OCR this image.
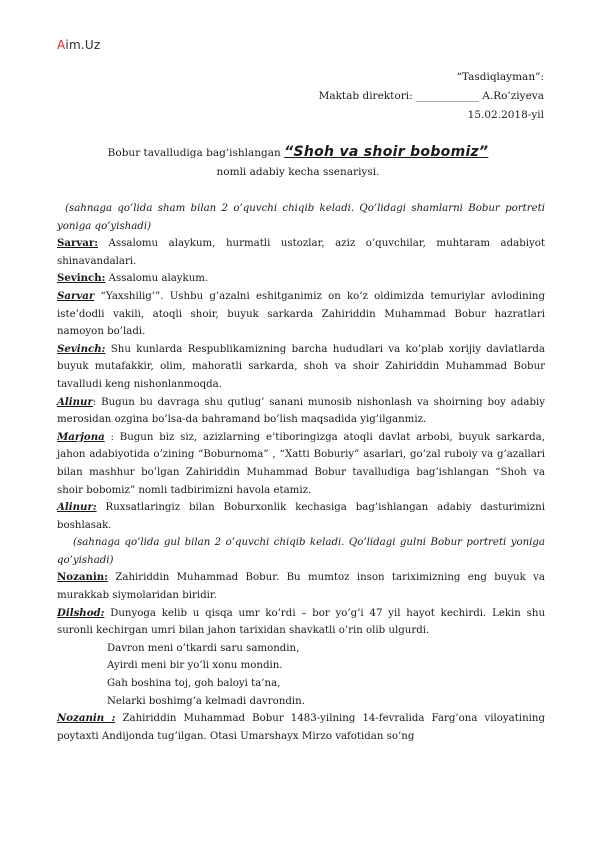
Aim.Uz
“Tasdiqlayman”:
Maktab direktori: ____________ A.Ro’ziyeva
15.02.2018-yil
Bobur tavalludiga bag’ishlangan “Shoh va shoir bobomiz”
nomli adabiy kecha ssenariysi.

(sahnaga qo’lida sham bilan 2 o’quvchi chiqib keladi. Qo’lidagi shamlarni Bobur portreti yoniga qo’yishadi)

Sarvar: Assalomu alaykum, hurmatli ustozlar, aziz o’quvchilar, muhtaram adabiyot shinavandalari.

Sevinch: Assalomu alaykum.

Sarvar “Yaxshilig’”. Ushbu g’azalni eshitganimiz on ko’z oldimizda temuriylar avlodining iste’dodli vakili, atoqli shoir, buyuk sarkarda Zahiriddin Muhammad Bobur hazratlari namoyon bo’ladi.

Sevinch: Shu kunlarda Respublikamizning barcha hududlari va ko’plab xorijiy davlatlarda buyuk mutafakkir, olim, mahoratli sarkarda, shoh va shoir Zahiriddin Muhammad Bobur tavalludi keng nishonlanmoqda.

Alinur: Bugun bu davraga shu qutlug’ sanani munosib nishonlash va shoirning boy adabiy merosidan ozgina bo’lsa-da bahramand bo’lish maqsadida yig’ilganmiz.

Marjona : Bugun biz siz, azizlarning e’tiboringizga atoqli davlat arbobi, buyuk sarkarda, jahon adabiyotida o’zining “Boburnoma” , “Xatti Boburiy” asarlari, go’zal ruboiy va g’azallari bilan mashhur bo’lgan Zahiriddin Muhammad Bobur tavalludiga bag’ishlangan “Shoh va shoir bobomiz” nomli tadbirimizni havola etamiz.

Alinur: Ruxsatlaringiz bilan Boburxonlik kechasiga bag’ishlangan adabiy dasturimizni boshlasak.

(sahnaga qo’lida gul bilan 2 o’quvchi chiqib keladi. Qo’lidagi gulni Bobur portreti yoniga qo’yishadi)

Nozanin: Zahiriddin Muhammad Bobur. Bu mumtoz inson tariximizning eng buyuk va murakkab siymolaridan biridir.

Dilshod: Dunyoga kelib u qisqa umr ko’rdi – bor yo’g’i 47 yil hayot kechirdi. Lekin shu suronli kechirgan umri bilan jahon tarixidan shavkatli o’rin olib ulgurdi.

Davron meni o’tkardi saru samondin,

Ayirdi meni bir yo’li xonu mondin.

Gah boshina toj, goh baloyi ta’na,

Nelarki boshimg’a kelmadi davrondin.

Nozanin : Zahiriddin Muhammad Bobur 1483-yilning 14-fevralida Farg’ona viloyatining poytaxti Andijonda tug’ilgan. Otasi Umarshayx Mirzo vafotidan so’ng
